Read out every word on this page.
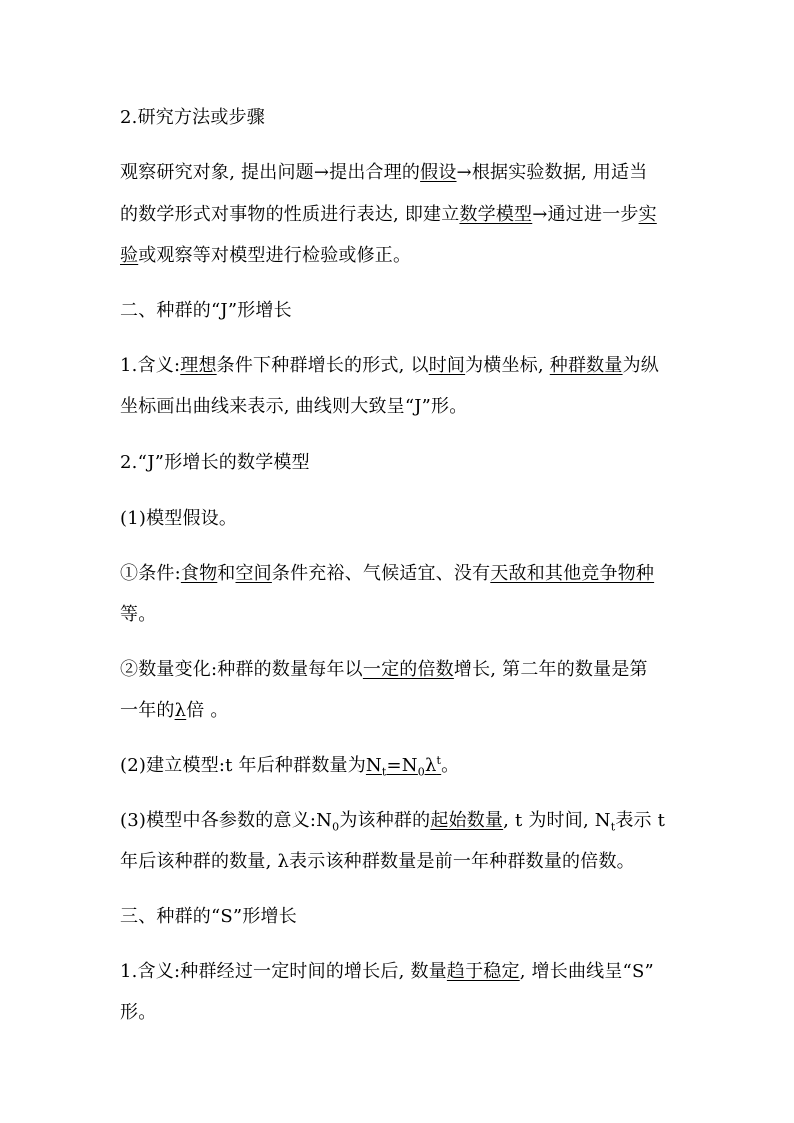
2.研究方法或步骤
观察研究对象, 提出问题→提出合理的假设→根据实验数据, 用适当
的数学形式对事物的性质进行表达, 即建立数学模型→通过进一步实
验或观察等对模型进行检验或修正。
二、种群的“J”形增长
1.含义:理想条件下种群增长的形式, 以时间为横坐标, 种群数量为纵
坐标画出曲线来表示, 曲线则大致呈“J”形。
2.“J”形增长的数学模型
(1)模型假设。
①条件:食物和空间条件充裕、气候适宜、没有天敌和其他竞争物种
等。
②数量变化:种群的数量每年以一定的倍数增长, 第二年的数量是第
一年的λ倍 。
(2)建立模型:t 年后种群数量为$N_t=N_0\lambda^t$。
(3)模型中各参数的意义$:N_0$为该种群的起始数量, t 为时间, $N_t$表示 t
年后该种群的数量, λ表示该种群数量是前一年种群数量的倍数。
三、种群的“S”形增长
1.含义:种群经过一定时间的增长后, 数量趋于稳定, 增长曲线呈“S”
形。
